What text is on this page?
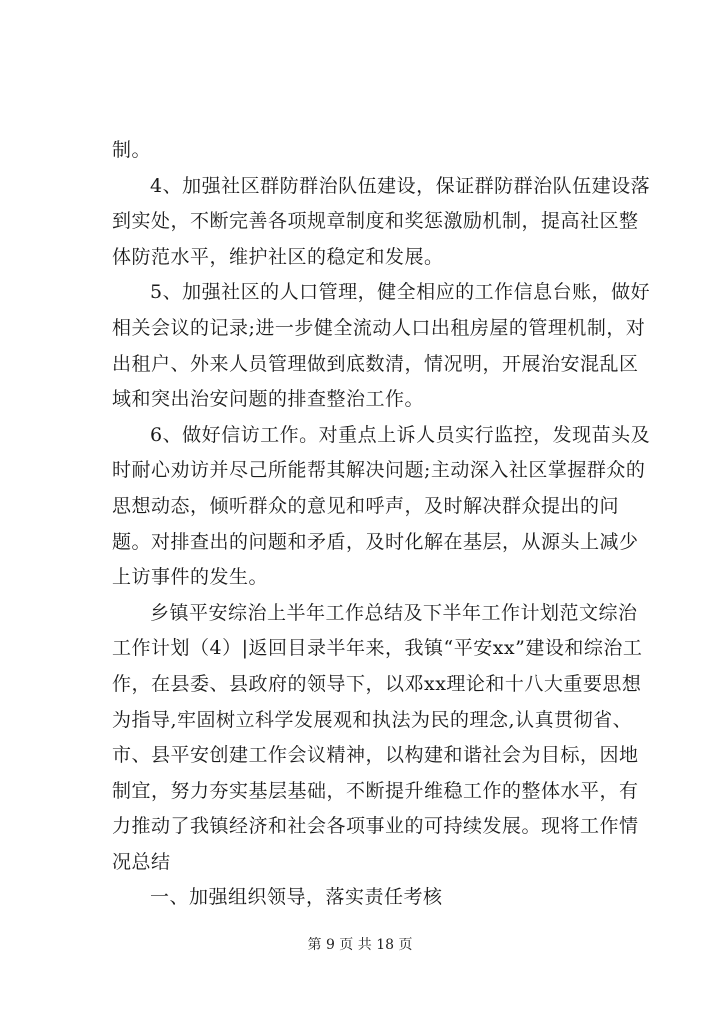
制。

4、加强社区群防群治队伍建设，保证群防群治队伍建设落到实处，不断完善各项规章制度和奖惩激励机制，提高社区整体防范水平，维护社区的稳定和发展。

5、加强社区的人口管理，健全相应的工作信息台账，做好相关会议的记录;进一步健全流动人口出租房屋的管理机制，对出租户、外来人员管理做到底数清，情况明，开展治安混乱区域和突出治安问题的排查整治工作。

6、做好信访工作。对重点上诉人员实行监控，发现苗头及时耐心劝访并尽己所能帮其解决问题;主动深入社区掌握群众的思想动态，倾听群众的意见和呼声，及时解决群众提出的问题。对排查出的问题和矛盾，及时化解在基层，从源头上减少上访事件的发生。

乡镇平安综治上半年工作总结及下半年工作计划范文综治工作计划（4）|返回目录半年来，我镇“平安xx”建设和综治工作，在县委、县政府的领导下，以邓xx理论和十八大重要思想为指导,牢固树立科学发展观和执法为民的理念,认真贯彻省、市、县平安创建工作会议精神，以构建和谐社会为目标，因地制宜，努力夯实基层基础，不断提升维稳工作的整体水平，有力推动了我镇经济和社会各项事业的可持续发展。现将工作情况总结

一、加强组织领导，落实责任考核

第 9 页 共 18 页
